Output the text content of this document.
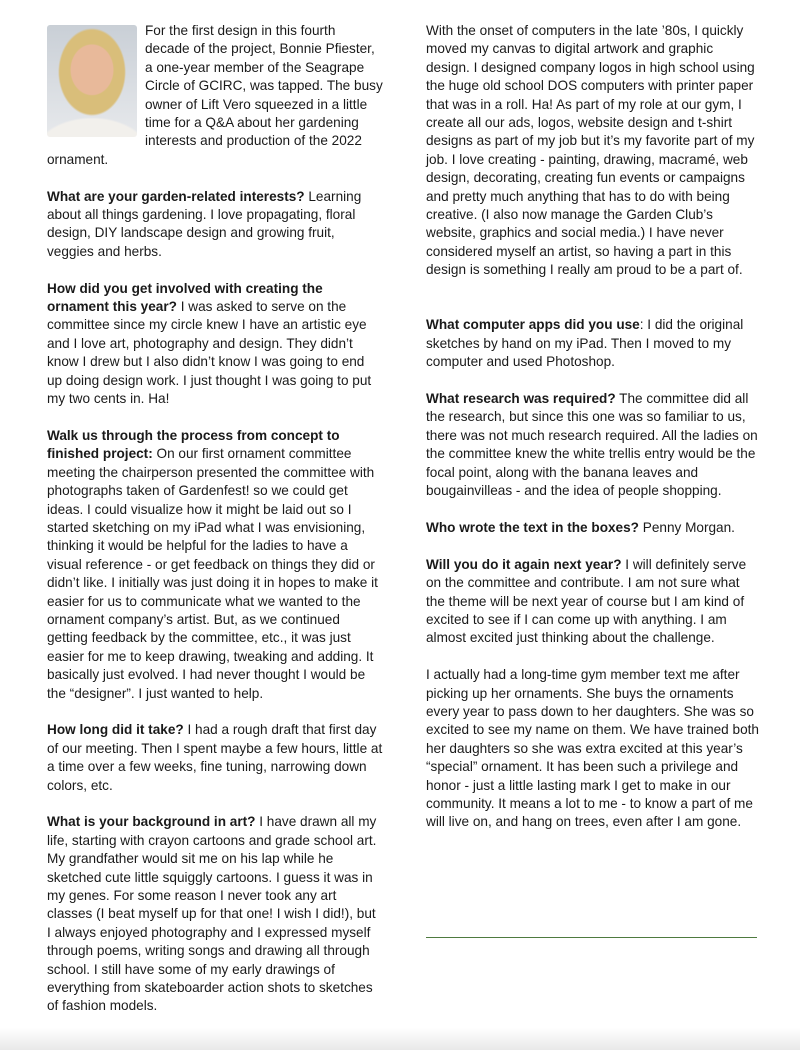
For the first design in this fourth decade of the project, Bonnie Pfiester, a one-year member of the Seagrape Circle of GCIRC, was tapped. The busy owner of Lift Vero squeezed in a little time for a Q&A about her gardening interests and production of the 2022 ornament.

What are your garden-related interests? Learning about all things gardening. I love propagating, floral design, DIY landscape design and growing fruit, veggies and herbs.

How did you get involved with creating the ornament this year? I was asked to serve on the committee since my circle knew I have an artistic eye and I love art, photography and design. They didn’t know I drew but I also didn’t know I was going to end up doing design work. I just thought I was going to put my two cents in. Ha!

Walk us through the process from concept to finished project: On our first ornament committee meeting the chairperson presented the committee with photographs taken of Gardenfest! so we could get ideas. I could visualize how it might be laid out so I started sketching on my iPad what I was envisioning, thinking it would be helpful for the ladies to have a visual reference - or get feedback on things they did or didn’t like. I initially was just doing it in hopes to make it easier for us to communicate what we wanted to the ornament company’s artist. But, as we continued getting feedback by the committee, etc., it was just easier for me to keep drawing, tweaking and adding. It basically just evolved. I had never thought I would be the “designer”. I just wanted to help.

How long did it take? I had a rough draft that first day of our meeting. Then I spent maybe a few hours, little at a time over a few weeks, fine tuning, narrowing down colors, etc.

What is your background in art? I have drawn all my life, starting with crayon cartoons and grade school art. My grandfather would sit me on his lap while he sketched cute little squiggly cartoons. I guess it was in my genes. For some reason I never took any art classes (I beat myself up for that one! I wish I did!), but I always enjoyed photography and I expressed myself through poems, writing songs and drawing all through school. I still have some of my early drawings of everything from skateboarder action shots to sketches of fashion models.

With the onset of computers in the late ’80s, I quickly moved my canvas to digital artwork and graphic design. I designed company logos in high school using the huge old school DOS computers with printer paper that was in a roll. Ha! As part of my role at our gym, I create all our ads, logos, website design and t-shirt designs as part of my job but it’s my favorite part of my job. I love creating - painting, drawing, macramé, web design, decorating, creating fun events or campaigns and pretty much anything that has to do with being creative. (I also now manage the Garden Club’s website, graphics and social media.) I have never considered myself an artist, so having a part in this design is something I really am proud to be a part of.

What computer apps did you use: I did the original sketches by hand on my iPad. Then I moved to my computer and used Photoshop.

What research was required? The committee did all the research, but since this one was so familiar to us, there was not much research required. All the ladies on the committee knew the white trellis entry would be the focal point, along with the banana leaves and bougainvilleas - and the idea of people shopping.

Who wrote the text in the boxes? Penny Morgan.

Will you do it again next year? I will definitely serve on the committee and contribute. I am not sure what the theme will be next year of course but I am kind of excited to see if I can come up with anything. I am almost excited just thinking about the challenge.

I actually had a long-time gym member text me after picking up her ornaments. She buys the ornaments every year to pass down to her daughters. She was so excited to see my name on them. We have trained both her daughters so she was extra excited at this year’s “special” ornament. It has been such a privilege and honor - just a little lasting mark I get to make in our community. It means a lot to me - to know a part of me will live on, and hang on trees, even after I am gone.
